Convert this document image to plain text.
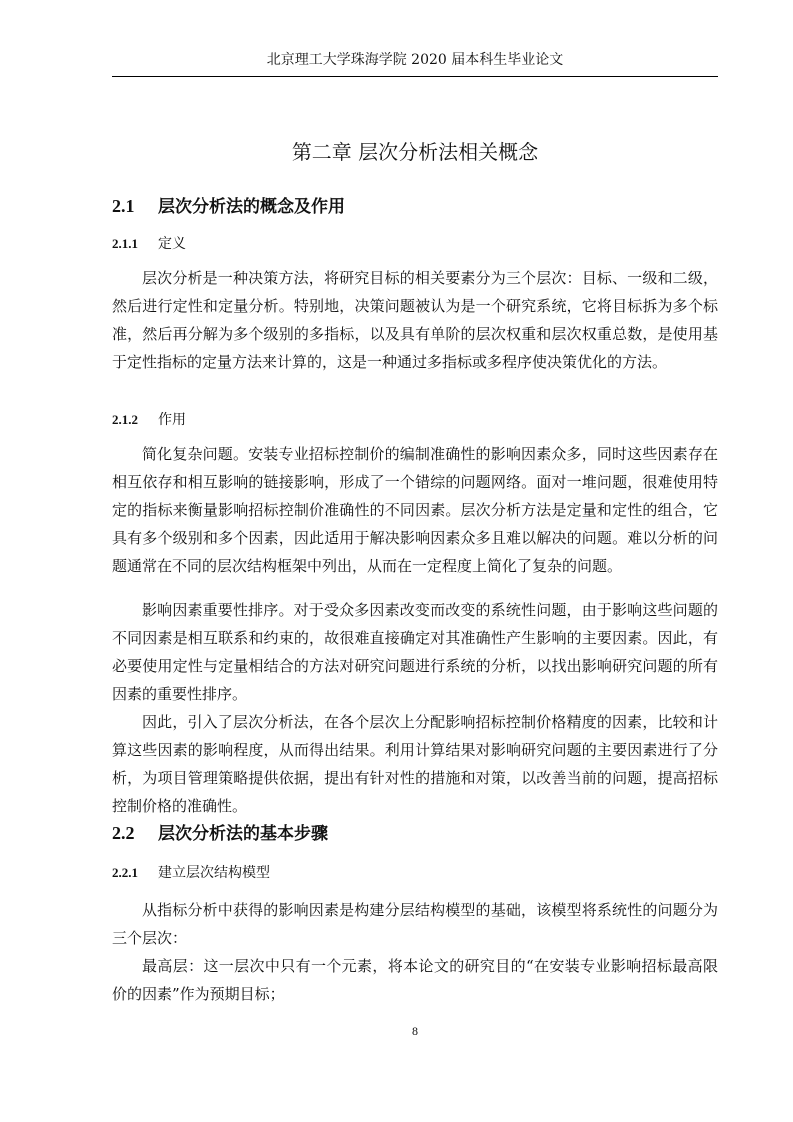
北京理工大学珠海学院 2020 届本科生毕业论文
第二章 层次分析法相关概念
2.1 层次分析法的概念及作用
2.1.1 定义

层次分析是一种决策方法，将研究目标的相关要素分为三个层次：目标、一级和二级，然后进行定性和定量分析。特别地，决策问题被认为是一个研究系统，它将目标拆为多个标准，然后再分解为多个级别的多指标，以及具有单阶的层次权重和层次权重总数，是使用基于定性指标的定量方法来计算的，这是一种通过多指标或多程序使决策优化的方法。

2.1.2 作用

简化复杂问题。安装专业招标控制价的编制准确性的影响因素众多，同时这些因素存在相互依存和相互影响的链接影响，形成了一个错综的问题网络。面对一堆问题，很难使用特定的指标来衡量影响招标控制价准确性的不同因素。层次分析方法是定量和定性的组合，它具有多个级别和多个因素，因此适用于解决影响因素众多且难以解决的问题。难以分析的问题通常在不同的层次结构框架中列出，从而在一定程度上简化了复杂的问题。

影响因素重要性排序。对于受众多因素改变而改变的系统性问题，由于影响这些问题的不同因素是相互联系和约束的，故很难直接确定对其准确性产生影响的主要因素。因此，有必要使用定性与定量相结合的方法对研究问题进行系统的分析，以找出影响研究问题的所有因素的重要性排序。

因此，引入了层次分析法，在各个层次上分配影响招标控制价格精度的因素，比较和计算这些因素的影响程度，从而得出结果。利用计算结果对影响研究问题的主要因素进行了分析，为项目管理策略提供依据，提出有针对性的措施和对策，以改善当前的问题，提高招标控制价格的准确性。

2.2 层次分析法的基本步骤
2.2.1 建立层次结构模型

从指标分析中获得的影响因素是构建分层结构模型的基础，该模型将系统性的问题分为三个层次：

最高层：这一层次中只有一个元素，将本论文的研究目的“在安装专业影响招标最高限价的因素”作为预期目标；

8
